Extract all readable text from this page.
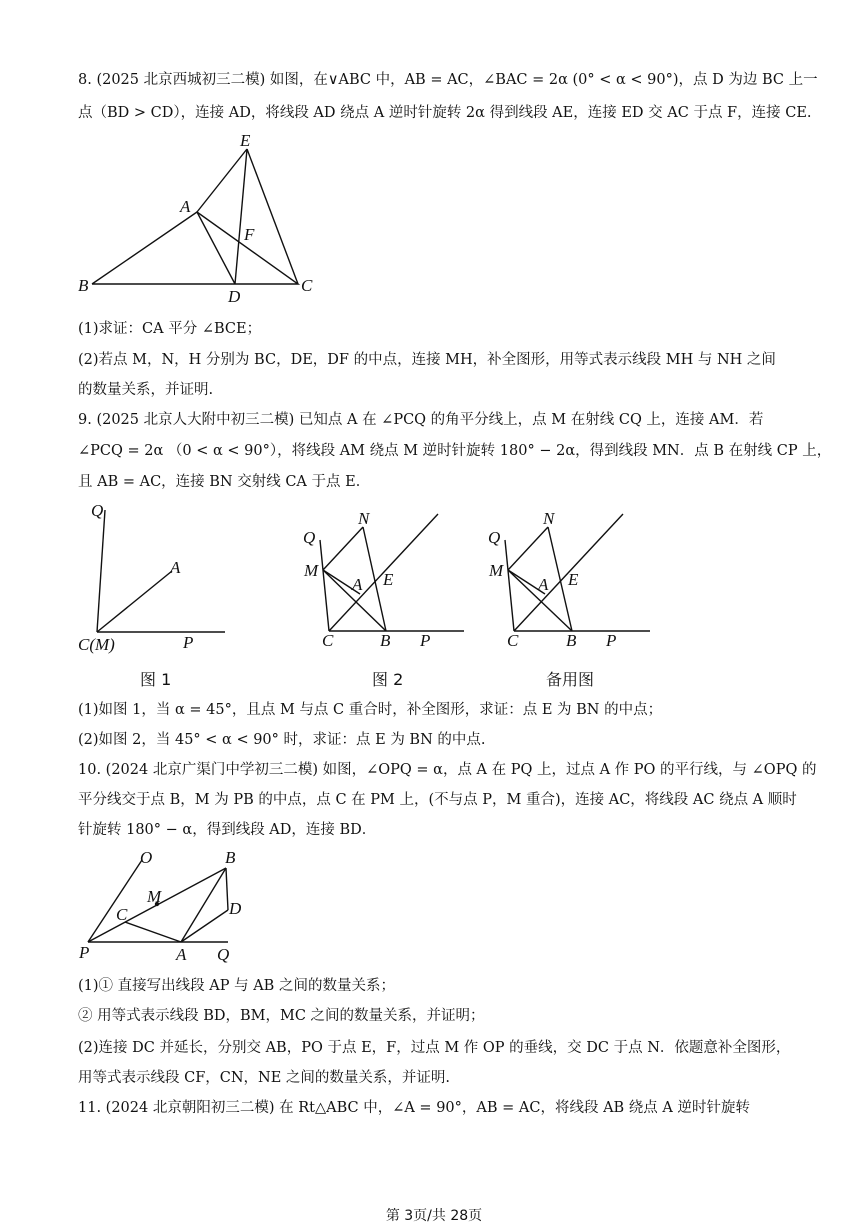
8. (2025 北京西城初三二模) 如图，在∨ABC 中，AB = AC，∠BAC = 2α (0° < α < 90°)，点 D 为边 BC 上一
点（BD > CD），连接 AD，将线段 AD 绕点 A 逆时针旋转 2α 得到线段 AE，连接 ED 交 AC 于点 F，连接 CE.
E
A
F
B
D
C
(1)求证：CA 平分 ∠BCE；
(2)若点 M，N，H 分别为 BC，DE，DF 的中点，连接 MH，补全图形，用等式表示线段 MH 与 NH 之间
的数量关系，并证明.
9. (2025 北京人大附中初三二模) 已知点 A 在 ∠PCQ 的角平分线上，点 M 在射线 CQ 上，连接 AM．若
∠PCQ = 2α （0 < α < 90°），将线段 AM 绕点 M 逆时针旋转 180° − 2α，得到线段 MN．点 B 在射线 CP 上，
且 AB = AC，连接 BN 交射线 CA 于点 E．
Q
A
C(M)	P
图 1
Q
N
M
A E
C	B P
图 2
Q
N
M
A E
C	B P
备用图
(1)如图 1，当 α = 45°，且点 M 与点 C 重合时，补全图形，求证：点 E 为 BN 的中点；
(2)如图 2，当 45° < α < 90° 时，求证：点 E 为 BN 的中点.
10. (2024 北京广渠门中学初三二模) 如图，∠OPQ = α，点 A 在 PQ 上，过点 A 作 PO 的平行线，与 ∠OPQ 的
平分线交于点 B，M 为 PB 的中点，点 C 在 PM 上，(不与点 P，M 重合)，连接 AC，将线段 AC 绕点 A 顺时
针旋转 180° − α，得到线段 AD，连接 BD．
O	B
M
C	D
P	A Q
(1)① 直接写出线段 AP 与 AB 之间的数量关系；
② 用等式表示线段 BD，BM，MC 之间的数量关系，并证明；
(2)连接 DC 并延长，分别交 AB，PO 于点 E，F，过点 M 作 OP 的垂线，交 DC 于点 N．依题意补全图形，
用等式表示线段 CF，CN，NE 之间的数量关系，并证明.
11. (2024 北京朝阳初三二模) 在 Rt△ABC 中，∠A = 90°，AB = AC，将线段 AB 绕点 A 逆时针旋转
第 3页/共 28页
